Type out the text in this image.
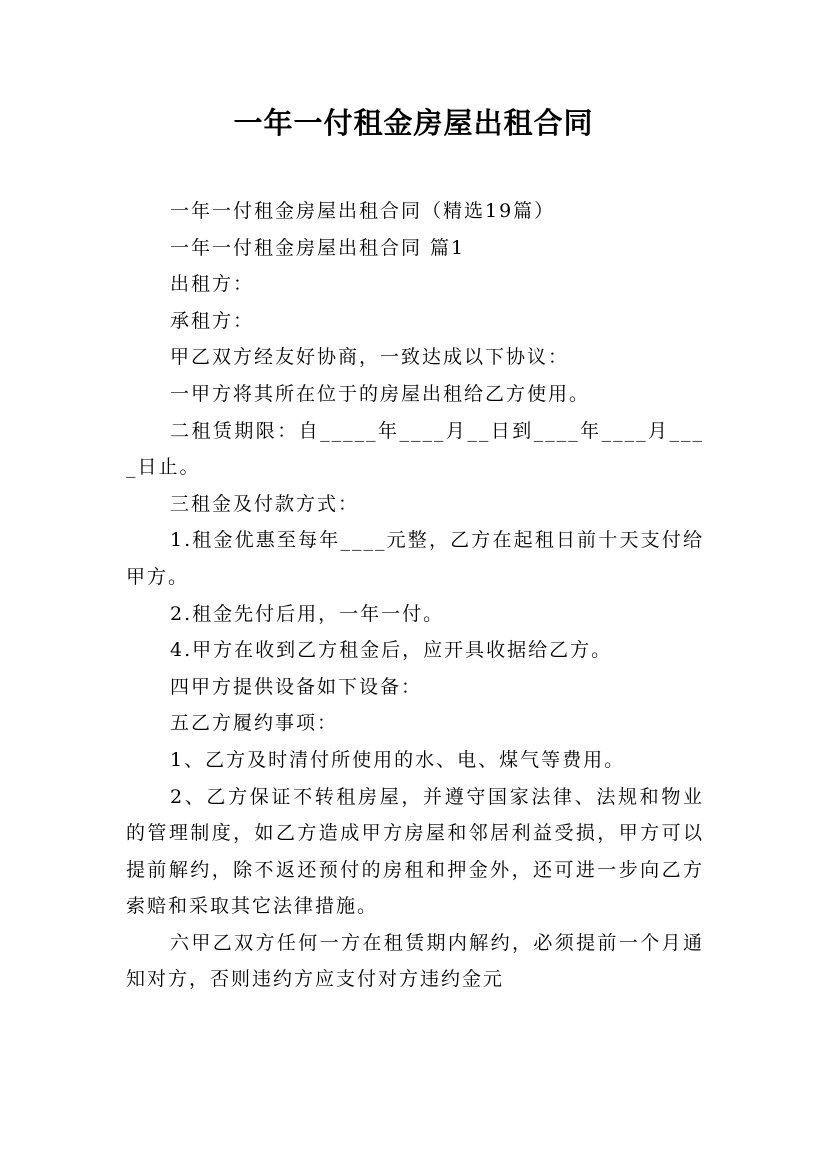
一年一付租金房屋出租合同

一年一付租金房屋出租合同（精选19篇）

一年一付租金房屋出租合同 篇1

出租方：

承租方：

甲乙双方经友好协商，一致达成以下协议：

一甲方将其所在位于的房屋出租给乙方使用。

二租赁期限：自_____年____月__日到____年____月____日止。

三租金及付款方式：

1.租金优惠至每年____元整，乙方在起租日前十天支付给甲方。

2.租金先付后用，一年一付。

4.甲方在收到乙方租金后，应开具收据给乙方。

四甲方提供设备如下设备：

五乙方履约事项：

1、乙方及时清付所使用的水、电、煤气等费用。

2、乙方保证不转租房屋，并遵守国家法律、法规和物业的管理制度，如乙方造成甲方房屋和邻居利益受损，甲方可以提前解约，除不返还预付的房租和押金外，还可进一步向乙方索赔和采取其它法律措施。

六甲乙双方任何一方在租赁期内解约，必须提前一个月通知对方，否则违约方应支付对方违约金元
